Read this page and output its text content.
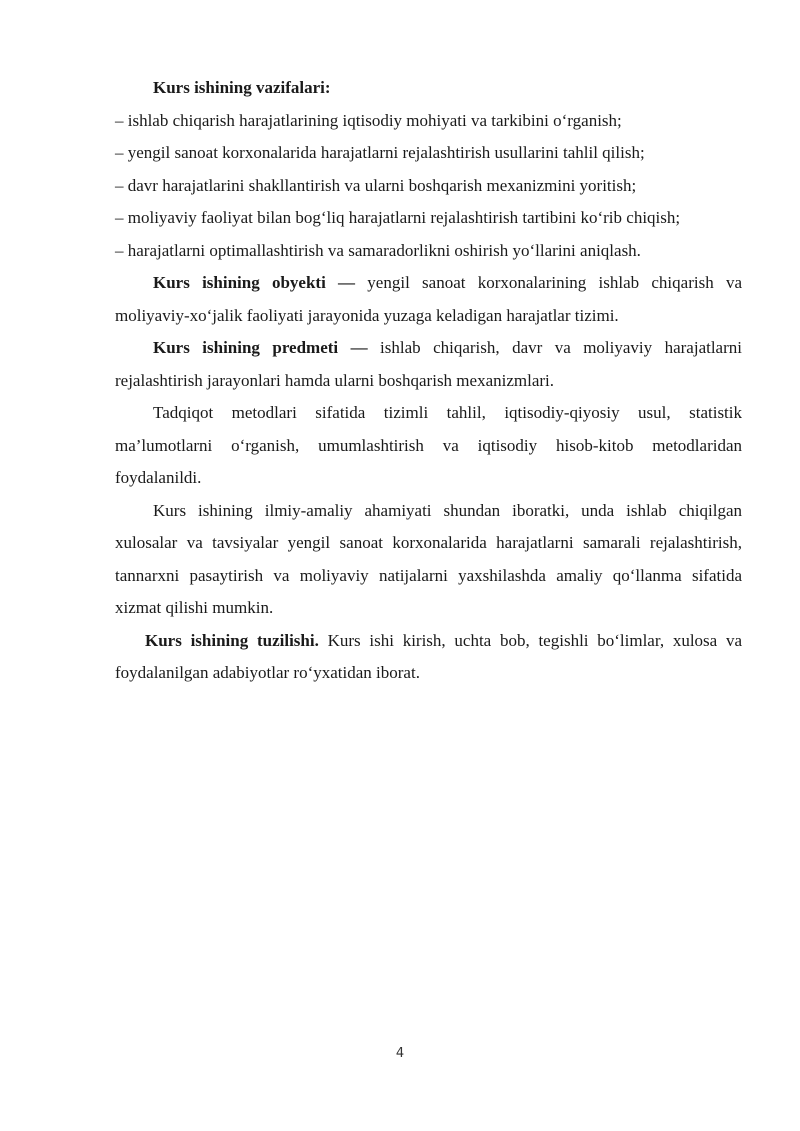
Kurs ishining vazifalari:

– ishlab chiqarish harajatlarining iqtisodiy mohiyati va tarkibini o‘rganish;

– yengil sanoat korxonalarida harajatlarni rejalashtirish usullarini tahlil qilish;

– davr harajatlarini shakllantirish va ularni boshqarish mexanizmini yoritish;

– moliyaviy faoliyat bilan bog‘liq harajatlarni rejalashtirish tartibini ko‘rib chiqish;

– harajatlarni optimallashtirish va samaradorlikni oshirish yo‘llarini aniqlash.

Kurs ishining obyekti — yengil sanoat korxonalarining ishlab chiqarish va moliyaviy-xo‘jalik faoliyati jarayonida yuzaga keladigan harajatlar tizimi.

Kurs ishining predmeti — ishlab chiqarish, davr va moliyaviy harajatlarni rejalashtirish jarayonlari hamda ularni boshqarish mexanizmlari.

Tadqiqot metodlari sifatida tizimli tahlil, iqtisodiy-qiyosiy usul, statistik ma’lumotlarni o‘rganish, umumlashtirish va iqtisodiy hisob-kitob metodlaridan foydalanildi.

Kurs ishining ilmiy-amaliy ahamiyati shundan iboratki, unda ishlab chiqilgan xulosalar va tavsiyalar yengil sanoat korxonalarida harajatlarni samarali rejalashtirish, tannarxni pasaytirish va moliyaviy natijalarni yaxshilashda amaliy qo‘llanma sifatida xizmat qilishi mumkin.

Kurs ishining tuzilishi. Kurs ishi kirish, uchta bob, tegishli bo‘limlar, xulosa va foydalanilgan adabiyotlar ro‘yxatidan iborat.

4
